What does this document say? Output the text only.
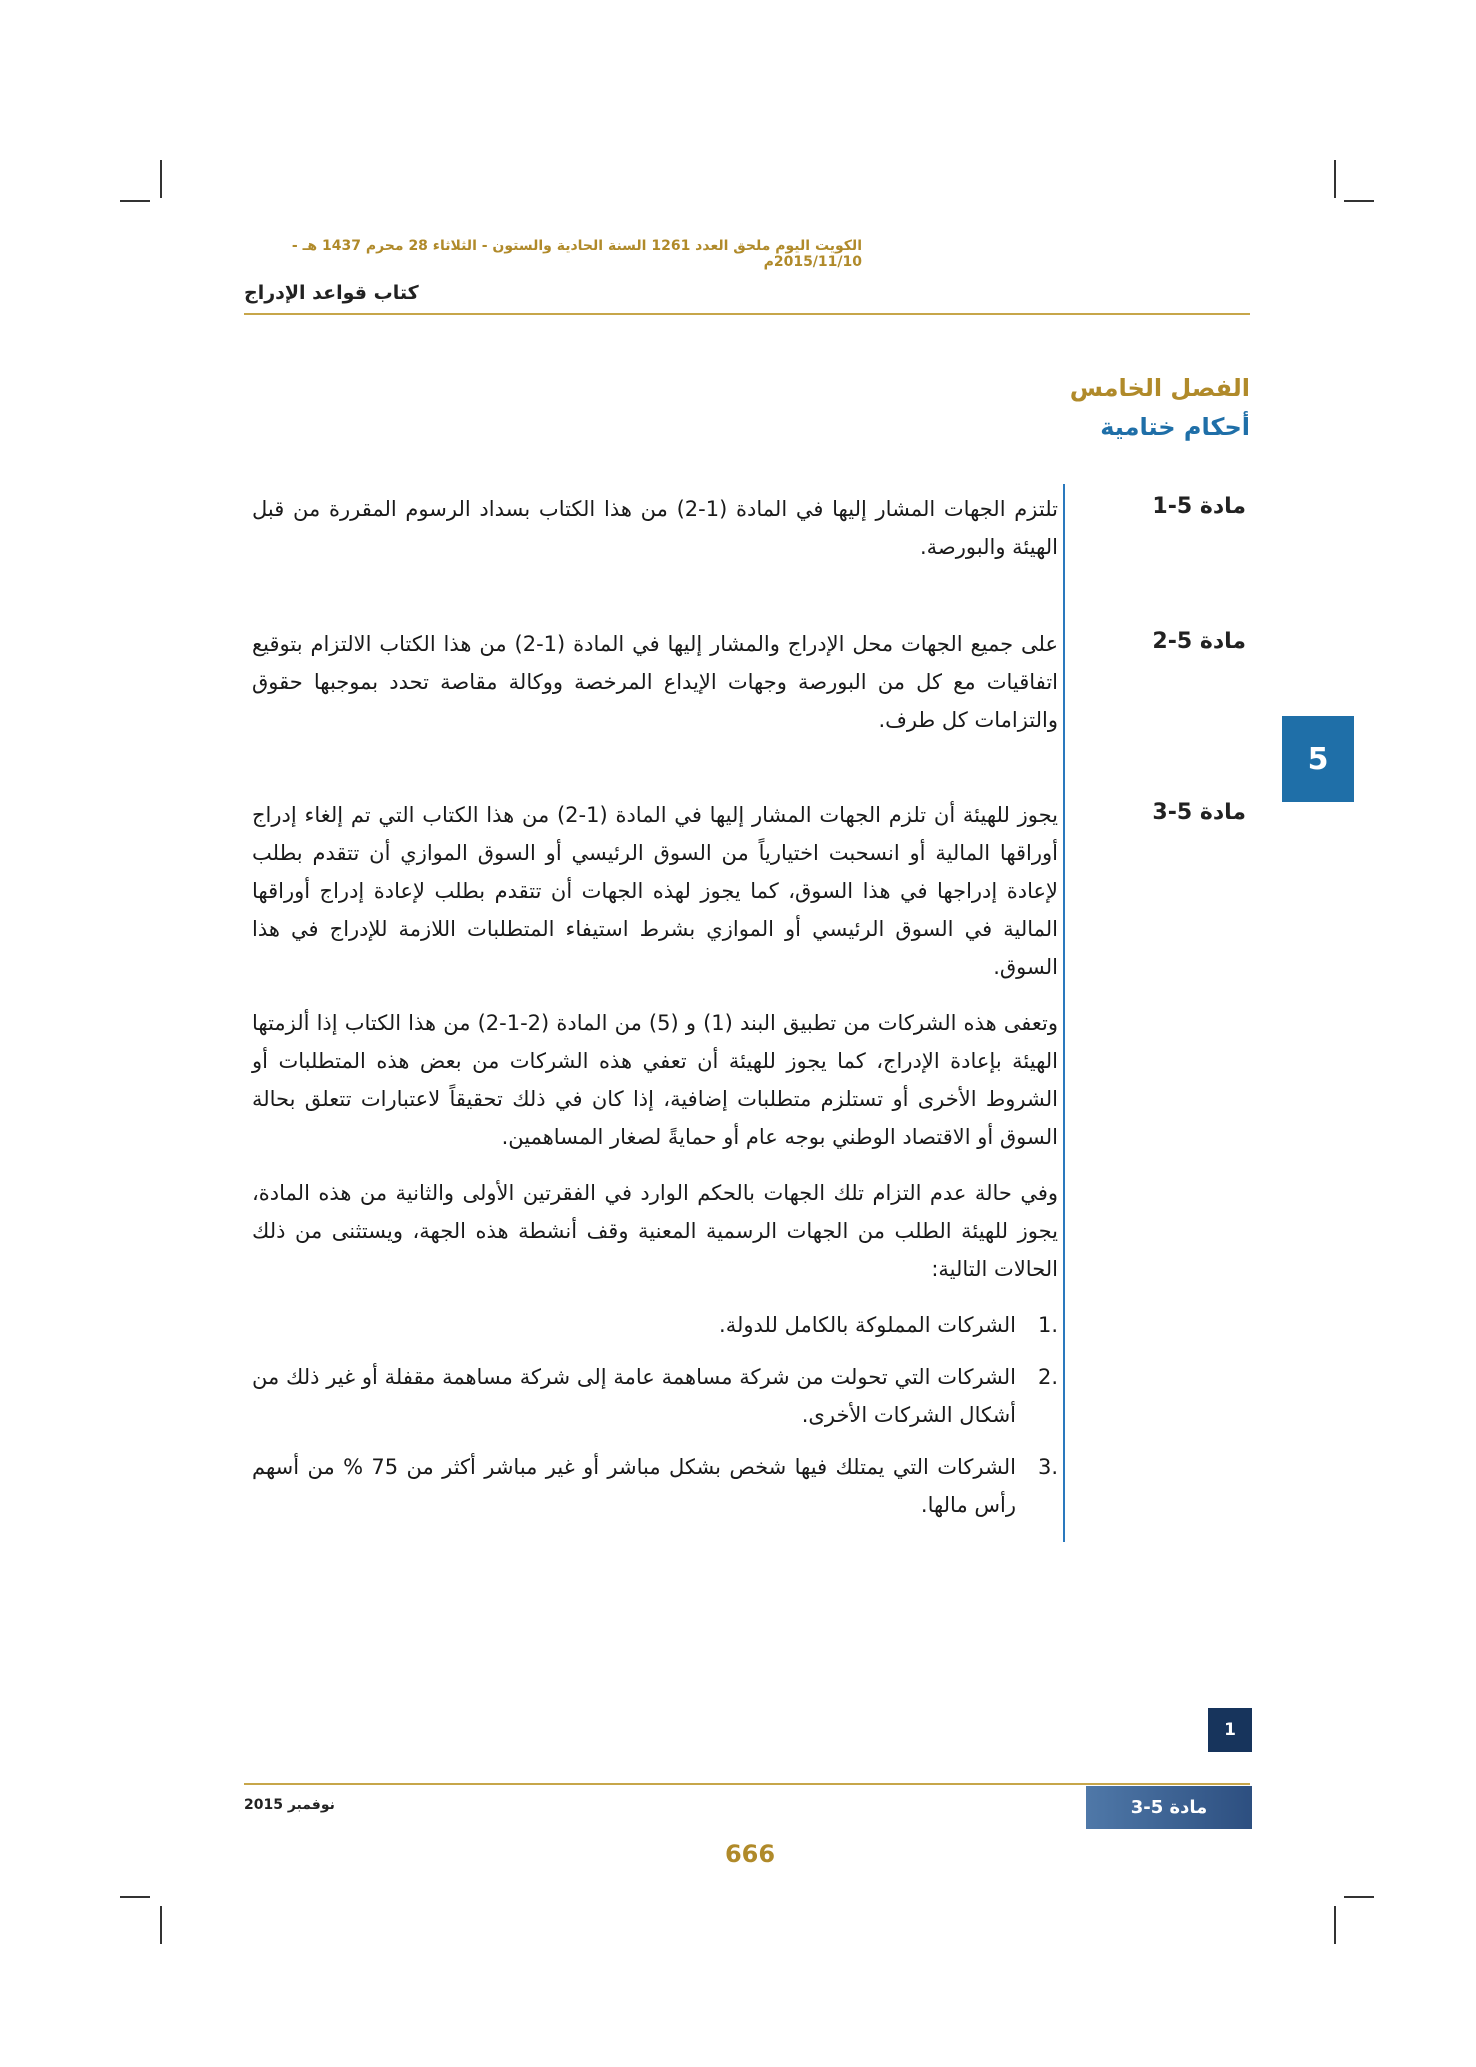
الكويت اليوم ملحق العدد 1261 السنة الحادية والستون - الثلاثاء 28 محرم 1437 هـ - 2015/11/10م
كتاب قواعد الإدراج
الفصل الخامس
أحكام ختامية
مادة 5-1

تلتزم الجهات المشار إليها في المادة (1-2) من هذا الكتاب بسداد الرسوم المقررة من قبل الهيئة والبورصة.

مادة 5-2

على جميع الجهات محل الإدراج والمشار إليها في المادة (1-2) من هذا الكتاب الالتزام بتوقيع اتفاقيات مع كل من البورصة وجهات الإيداع المرخصة ووكالة مقاصة تحدد بموجبها حقوق والتزامات كل طرف.

مادة 5-3

يجوز للهيئة أن تلزم الجهات المشار إليها في المادة (1-2) من هذا الكتاب التي تم إلغاء إدراج أوراقها المالية أو انسحبت اختيارياً من السوق الرئيسي أو السوق الموازي أن تتقدم بطلب لإعادة إدراجها في هذا السوق، كما يجوز لهذه الجهات أن تتقدم بطلب لإعادة إدراج أوراقها المالية في السوق الرئيسي أو الموازي بشرط استيفاء المتطلبات اللازمة للإدراج في هذا السوق.

وتعفى هذه الشركات من تطبيق البند (1) و (5) من المادة (2-1-2) من هذا الكتاب إذا ألزمتها الهيئة بإعادة الإدراج، كما يجوز للهيئة أن تعفي هذه الشركات من بعض هذه المتطلبات أو الشروط الأخرى أو تستلزم متطلبات إضافية، إذا كان في ذلك تحقيقاً لاعتبارات تتعلق بحالة السوق أو الاقتصاد الوطني بوجه عام أو حمايةً لصغار المساهمين.

وفي حالة عدم التزام تلك الجهات بالحكم الوارد في الفقرتين الأولى والثانية من هذه المادة، يجوز للهيئة الطلب من الجهات الرسمية المعنية وقف أنشطة هذه الجهة، ويستثنى من ذلك الحالات التالية:

.1
الشركات المملوكة بالكامل للدولة.
.2
الشركات التي تحولت من شركة مساهمة عامة إلى شركة مساهمة مقفلة أو غير ذلك من أشكال الشركات الأخرى.
.3
الشركات التي يمتلك فيها شخص بشكل مباشر أو غير مباشر أكثر من 75 % من أسهم رأس مالها.
5
1
مادة 5-3
نوفمبر 2015
666
